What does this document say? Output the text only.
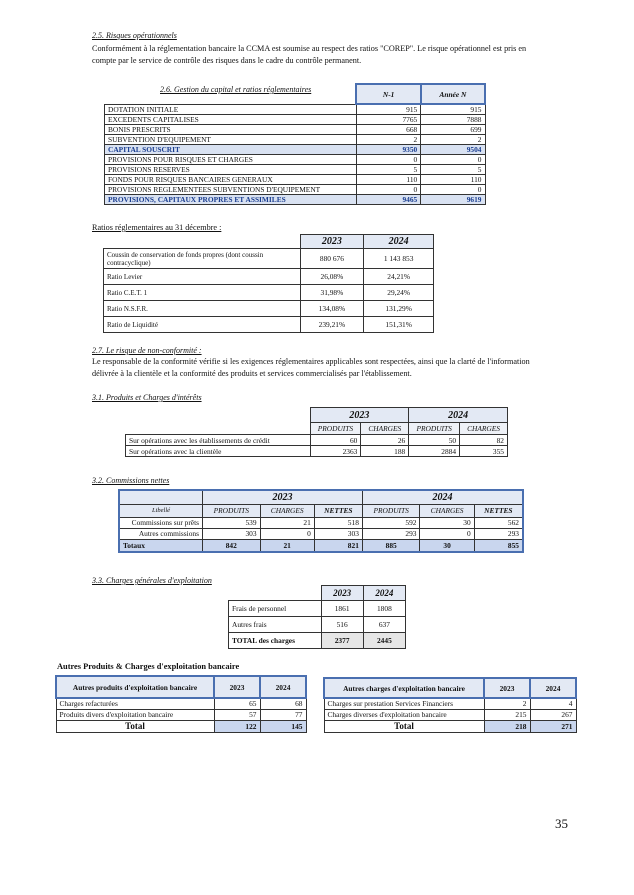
2.5. Risques opérationnels
Conformément à la réglementation bancaire la CCMA est soumise au respect des ratios "COREP". Le risque opérationnel est pris en compte par le service de contrôle des risques dans le cadre du contrôle permanent.
2.6. Gestion du capital et ratios réglementaires
		N-1	Année N
DOTATION INITIALE	915	915
EXCEDENTS CAPITALISES	7765	7888
BONIS PRESCRITS	668	699
SUBVENTION D'EQUIPEMENT	2	2
CAPITAL SOUSCRIT	9350	9504
PROVISIONS POUR RISQUES ET CHARGES	0	0
PROVISIONS RESERVES	5	5
FONDS POUR RISQUES BANCAIRES GENERAUX	110	110
PROVISIONS REGLEMENTEES SUBVENTIONS D'EQUIPEMENT	0	0
PROVISIONS, CAPITAUX PROPRES ET ASSIMILES	9465	9619
Ratios réglementaires au 31 décembre :
	2023	2024
Coussin de conservation de fonds propres (dont coussin contracyclique)	880 676	1 143 853
Ratio Levier	26,08%	24,21%
Ratio C.E.T. 1	31,98%	29,24%
Ratio N.S.F.R.	134,08%	131,29%
Ratio de Liquidité	239,21%	151,31%
2.7. Le risque de non-conformité :
Le responsable de la conformité vérifie si les exigences réglementaires applicables sont respectées, ainsi que la clarté de l'information délivrée à la clientèle et la conformité des produits et services commercialisés par l'établissement.
3.1. Produits et Charges d'intérêts
	2023		2024	
	PRODUITS	CHARGES	PRODUITS	CHARGES
Sur opérations avec les établissements de crédit	60	26	50	82
Sur opérations avec la clientèle	2363	188	2884	355
3.2. Commissions nettes
	2023			2024		
Libellé	PRODUITS	CHARGES	NETTES	PRODUITS	CHARGES	NETTES
Commissions sur prêts	539	21	518	592	30	562
Autres commissions	303	0	303	293	0	293
Totaux	842	21	821	885	30	855
3.3. Charges générales d'exploitation
	2023	2024
Frais de personnel	1861	1808
Autres frais	516	637
TOTAL des charges	2377	2445
Autres Produits & Charges d'exploitation bancaire
Autres produits d'exploitation bancaire	2023	2024
Charges refacturées	65	68
Produits divers d'exploitation bancaire	57	77
Total	122	145
Autres charges d'exploitation bancaire	2023	2024
Charges sur prestation Services Financiers	2	4
Charges diverses d'exploitation bancaire	215	267
Total	218	271
35
